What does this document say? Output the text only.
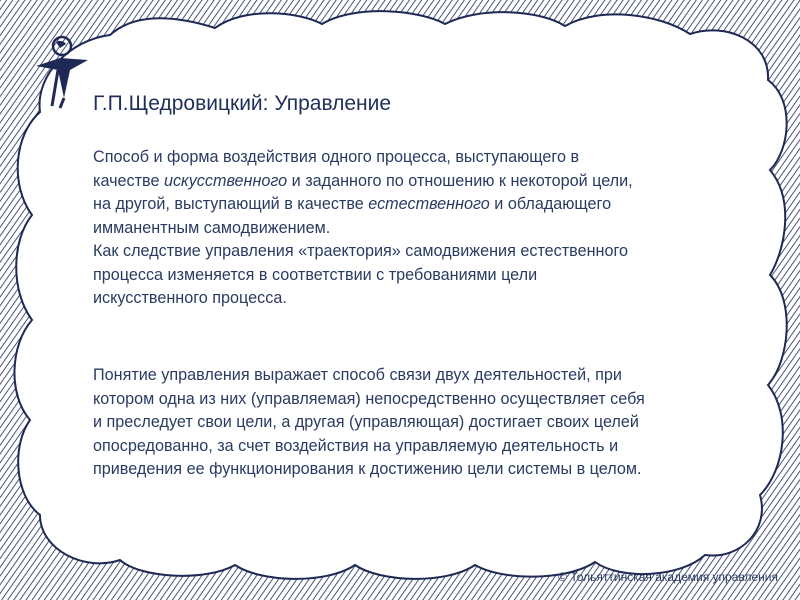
Г.П.Щедровицкий: Управление

Способ и форма воздействия одного процесса, выступающего в
качестве искусственного и заданного по отношению к некоторой цели,
на другой, выступающий в качестве естественного и обладающего
имманентным самодвижением.
Как следствие управления «траектория» самодвижения естественного
процесса изменяется в соответствии с требованиями цели
искусственного процесса.

Понятие управления выражает способ связи двух деятельностей, при
котором одна из них (управляемая) непосредственно осуществляет себя
и преследует свои цели, а другая (управляющая) достигает своих целей
опосредованно, за счет воздействия на управляемую деятельность и
приведения ее функционирования к достижению цели системы в целом.

© Тольяттинская академия управления
